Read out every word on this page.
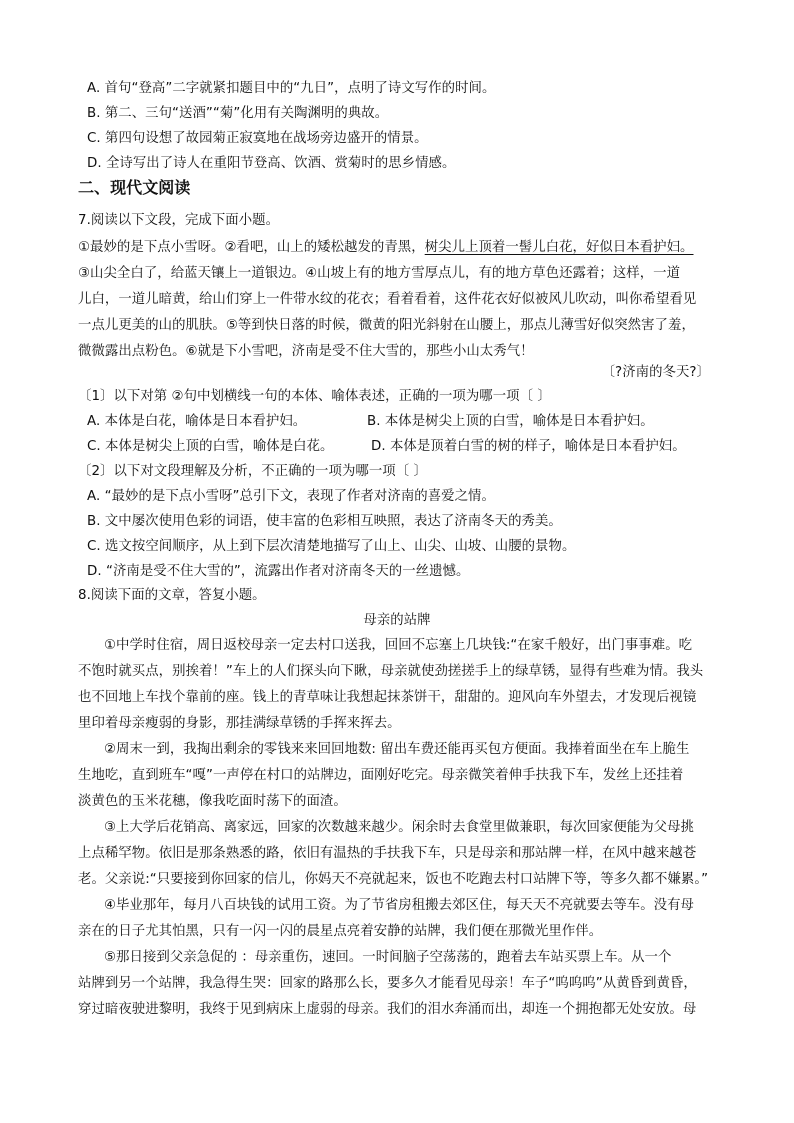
A. 首句“登高”二字就紧扣题目中的“九日”，点明了诗文写作的时间。
B. 第二、三句“送酒”“菊”化用有关陶渊明的典故。
C. 第四句设想了故园菊正寂寞地在战场旁边盛开的情景。
D. 全诗写出了诗人在重阳节登高、饮酒、赏菊时的思乡情感。
二、现代文阅读
7.阅读以下文段，完成下面小题。
①最妙的是下点小雪呀。②看吧，山上的矮松越发的青黑，树尖儿上顶着一髻儿白花，好似日本看护妇。
③山尖全白了，给蓝天镶上一道银边。④山坡上有的地方雪厚点儿，有的地方草色还露着；这样，一道
儿白，一道儿暗黄，给山们穿上一件带水纹的花衣；看着看着，这件花衣好似被风儿吹动，叫你希望看见
一点儿更美的山的肌肤。⑤等到快日落的时候，微黄的阳光斜射在山腰上，那点儿薄雪好似突然害了羞，
微微露出点粉色。⑥就是下小雪吧，济南是受不住大雪的，那些小山太秀气！
〔?济南的冬天?〕
〔1〕以下对第 ②句中划横线一句的本体、喻体表述，正确的一项为哪一项〔 〕
A. 本体是白花，喻体是日本看护妇。	B. 本体是树尖上顶的白雪，喻体是日本看护妇。
C. 本体是树尖上顶的白雪，喻体是白花。	D. 本体是顶着白雪的树的样子，喻体是日本看护妇。
〔2〕以下对文段理解及分析，不正确的一项为哪一项〔 〕
A. “最妙的是下点小雪呀”总引下文，表现了作者对济南的喜爱之情。
B. 文中屡次使用色彩的词语，使丰富的色彩相互映照，表达了济南冬天的秀美。
C. 选文按空间顺序，从上到下层次清楚地描写了山上、山尖、山坡、山腰的景物。
D. “济南是受不住大雪的”，流露出作者对济南冬天的一丝遗憾。
8.阅读下面的文章，答复小题。
母亲的站牌
①中学时住宿，周日返校母亲一定去村口送我，回回不忘塞上几块钱:“在家千般好，出门事事难。吃
不饱时就买点，别挨着！”车上的人们探头向下瞅，母亲就使劲搓搓手上的绿草锈，显得有些难为情。我头
也不回地上车找个靠前的座。钱上的青草味让我想起抹茶饼干，甜甜的。迎风向车外望去，才发现后视镜
里印着母亲瘦弱的身影，那挂满绿草锈的手挥来挥去。
②周末一到，我掏出剩余的零钱来来回回地数: 留出车费还能再买包方便面。我捧着面坐在车上脆生
生地吃，直到班车“嘎”一声停在村口的站牌边，面刚好吃完。母亲微笑着伸手扶我下车，发丝上还挂着
淡黄色的玉米花穗，像我吃面时荡下的面渣。
③上大学后花销高、离家远，回家的次数越来越少。闲余时去食堂里做兼职，每次回家便能为父母挑
上点稀罕物。依旧是那条熟悉的路，依旧有温热的手扶我下车，只是母亲和那站牌一样，在风中越来越苍
老。父亲说:“只要接到你回家的信儿，你妈天不亮就起来，饭也不吃跑去村口站牌下等，等多久都不嫌累。”
④毕业那年，每月八百块钱的试用工资。为了节省房租搬去郊区住，每天天不亮就要去等车。没有母
亲在的日子尤其怕黑，只有一闪一闪的晨星点亮着安静的站牌，我们便在那微光里作伴。
⑤那日接到父亲急促的 ：母亲重伤，速回。一时间脑子空荡荡的，跑着去车站买票上车。从一个
站牌到另一个站牌，我急得生哭：回家的路那么长，要多久才能看见母亲！车子“呜呜呜”从黄昏到黄昏，
穿过暗夜驶进黎明，我终于见到病床上虚弱的母亲。我们的泪水奔涌而出，却连一个拥抱都无处安放。母
